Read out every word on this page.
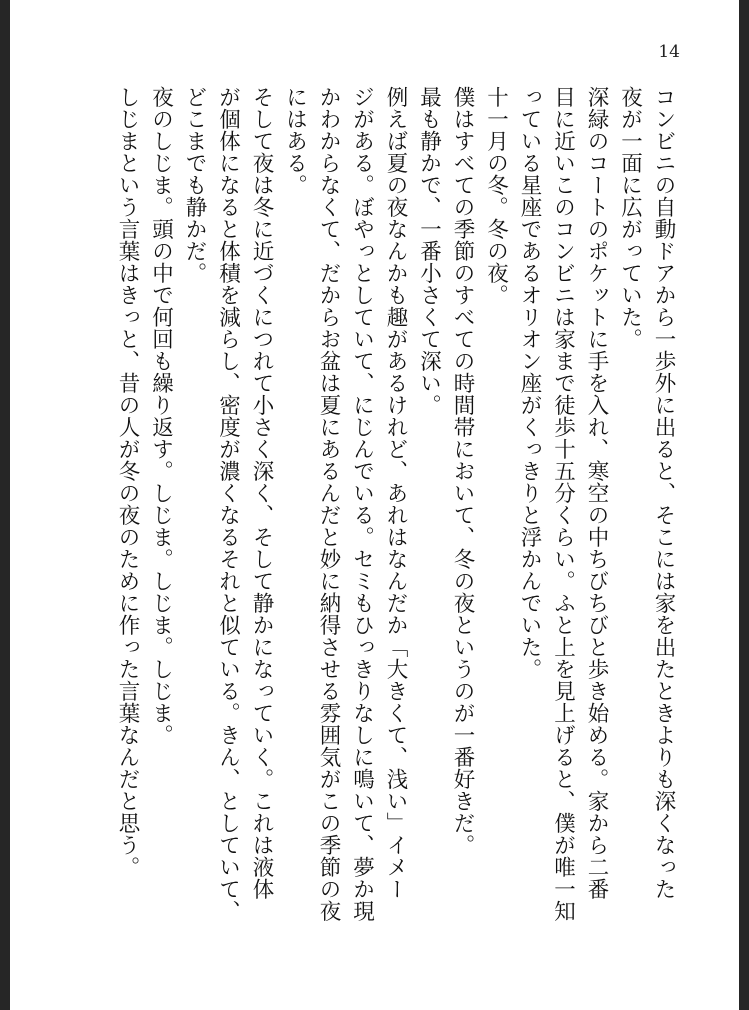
14

コンビニの自動ドアから一歩外に出ると、そこには家を出たときよりも深くなった

夜が一面に広がっていた。

深緑のコートのポケットに手を入れ、寒空の中ちびちびと歩き始める。家から二番

目に近いこのコンビニは家まで徒歩十五分くらい。ふと上を見上げると、僕が唯一知

っている星座であるオリオン座がくっきりと浮かんでいた。

十一月の冬。冬の夜。

僕はすべての季節のすべての時間帯において、冬の夜というのが一番好きだ。

最も静かで、一番小さくて深い。

例えば夏の夜なんかも趣があるけれど、あれはなんだか「大きくて、浅い」イメー

ジがある。ぼやっとしていて、にじんでいる。セミもひっきりなしに鳴いて、夢か現

かわからなくて、だからお盆は夏にあるんだと妙に納得させる雰囲気がこの季節の夜

にはある。

そして夜は冬に近づくにつれて小さく深く、そして静かになっていく。これは液体

が個体になると体積を減らし、密度が濃くなるそれと似ている。きん、としていて、

どこまでも静かだ。

夜のしじま。頭の中で何回も繰り返す。しじま。しじま。しじま。

しじまという言葉はきっと、昔の人が冬の夜のために作った言葉なんだと思う。
